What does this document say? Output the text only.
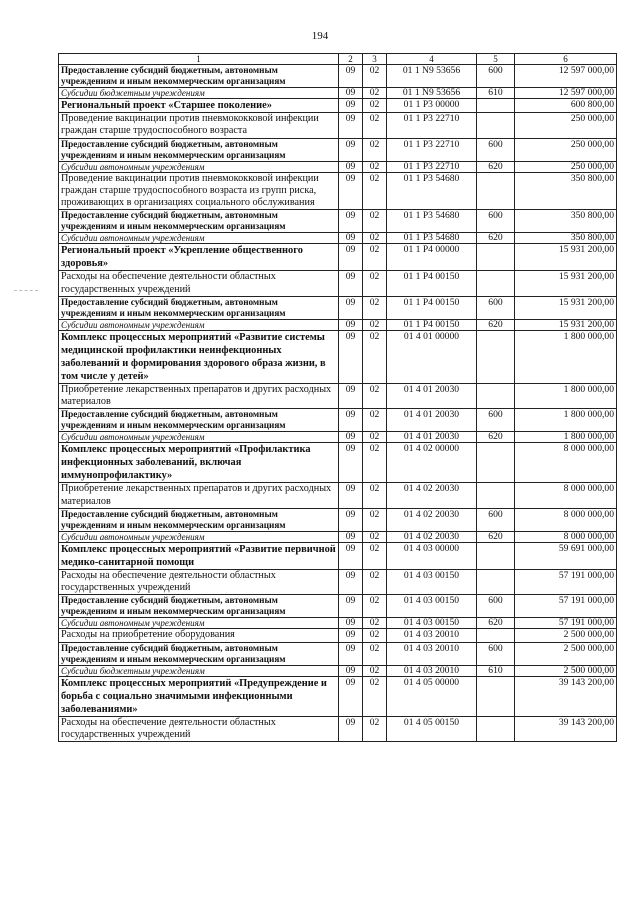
194
1	2	3	4	5	6
Предоставление субсидий бюджетным, автономным учреждениям и иным некоммерческим организациям	09	02	01 1 N9 53656	600	12 597 000,00
Субсидии бюджетным учреждениям	09	02	01 1 N9 53656	610	12 597 000,00
Региональный проект «Старшее поколение»	09	02	01 1 P3 00000		600 800,00
Проведение вакцинации против пневмококковой инфекции граждан старше трудоспособного возраста	09	02	01 1 P3 22710		250 000,00
Предоставление субсидий бюджетным, автономным учреждениям и иным некоммерческим организациям	09	02	01 1 P3 22710	600	250 000,00
Субсидии автономным учреждениям	09	02	01 1 P3 22710	620	250 000,00
Проведение вакцинации против пневмококковой инфекции граждан старше трудоспособного возраста из групп риска, проживающих в организациях социального обслуживания	09	02	01 1 P3 54680		350 800,00
Предоставление субсидий бюджетным, автономным учреждениям и иным некоммерческим организациям	09	02	01 1 P3 54680	600	350 800,00
Субсидии автономным учреждениям	09	02	01 1 P3 54680	620	350 800,00
Региональный проект «Укрепление общественного здоровья»	09	02	01 1 P4 00000		15 931 200,00
Расходы на обеспечение деятельности областных государственных учреждений	09	02	01 1 P4 00150		15 931 200,00
Предоставление субсидий бюджетным, автономным учреждениям и иным некоммерческим организациям	09	02	01 1 P4 00150	600	15 931 200,00
Субсидии автономным учреждениям	09	02	01 1 P4 00150	620	15 931 200,00
Комплекс процессных мероприятий «Развитие системы медицинской профилактики неинфекционных заболеваний и формирования здорового образа жизни, в том числе у детей»	09	02	01 4 01 00000		1 800 000,00
Приобретение лекарственных препаратов и других расходных материалов	09	02	01 4 01 20030		1 800 000,00
Предоставление субсидий бюджетным, автономным учреждениям и иным некоммерческим организациям	09	02	01 4 01 20030	600	1 800 000,00
Субсидии автономным учреждениям	09	02	01 4 01 20030	620	1 800 000,00
Комплекс процессных мероприятий «Профилактика инфекционных заболеваний, включая иммунопрофилактику»	09	02	01 4 02 00000		8 000 000,00
Приобретение лекарственных препаратов и других расходных материалов	09	02	01 4 02 20030		8 000 000,00
Предоставление субсидий бюджетным, автономным учреждениям и иным некоммерческим организациям	09	02	01 4 02 20030	600	8 000 000,00
Субсидии автономным учреждениям	09	02	01 4 02 20030	620	8 000 000,00
Комплекс процессных мероприятий «Развитие первичной медико-санитарной помощи	09	02	01 4 03 00000		59 691 000,00
Расходы на обеспечение деятельности областных государственных учреждений	09	02	01 4 03 00150		57 191 000,00
Предоставление субсидий бюджетным, автономным учреждениям и иным некоммерческим организациям	09	02	01 4 03 00150	600	57 191 000,00
Субсидии автономным учреждениям	09	02	01 4 03 00150	620	57 191 000,00
Расходы на приобретение оборудования	09	02	01 4 03 20010		2 500 000,00
Предоставление субсидий бюджетным, автономным учреждениям и иным некоммерческим организациям	09	02	01 4 03 20010	600	2 500 000,00
Субсидии бюджетным учреждениям	09	02	01 4 03 20010	610	2 500 000,00
Комплекс процессных мероприятий «Предупреждение и борьба с социально значимыми инфекционными заболеваниями»	09	02	01 4 05 00000		39 143 200,00
Расходы на обеспечение деятельности областных государственных учреждений	09	02	01 4 05 00150		39 143 200,00
